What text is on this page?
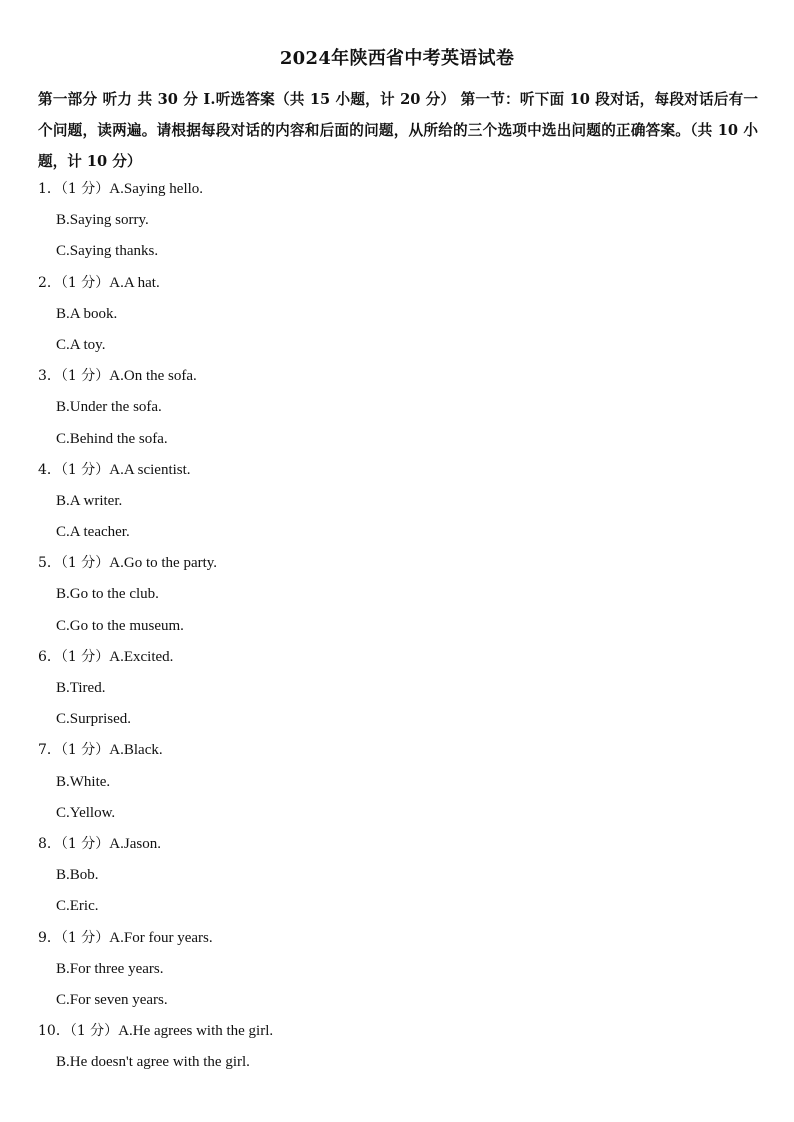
2024年陕西省中考英语试卷
第一部分 听力 共 30 分 Ⅰ.听选答案（共 15 小题，计 20 分） 第一节：听下面 10 段对话，每段对话后有一个问题，读两遍。请根据每段对话的内容和后面的问题，从所给的三个选项中选出问题的正确答案。（共 10 小题，计 10 分）
1．（1 分）A.Saying hello.
B.Saying sorry.
C.Saying thanks.
2．（1 分）A.A hat.
B.A book.
C.A toy.
3．（1 分）A.On the sofa.
B.Under the sofa.
C.Behind the sofa.
4．（1 分）A.A scientist.
B.A writer.
C.A teacher.
5．（1 分）A.Go to the party.
B.Go to the club.
C.Go to the museum.
6．（1 分）A.Excited.
B.Tired.
C.Surprised.
7．（1 分）A.Black.
B.White.
C.Yellow.
8．（1 分）A.Jason.
B.Bob.
C.Eric.
9．（1 分）A.For four years.
B.For three years.
C.For seven years.
10．（1 分）A.He agrees with the girl.
B.He doesn't agree with the girl.
